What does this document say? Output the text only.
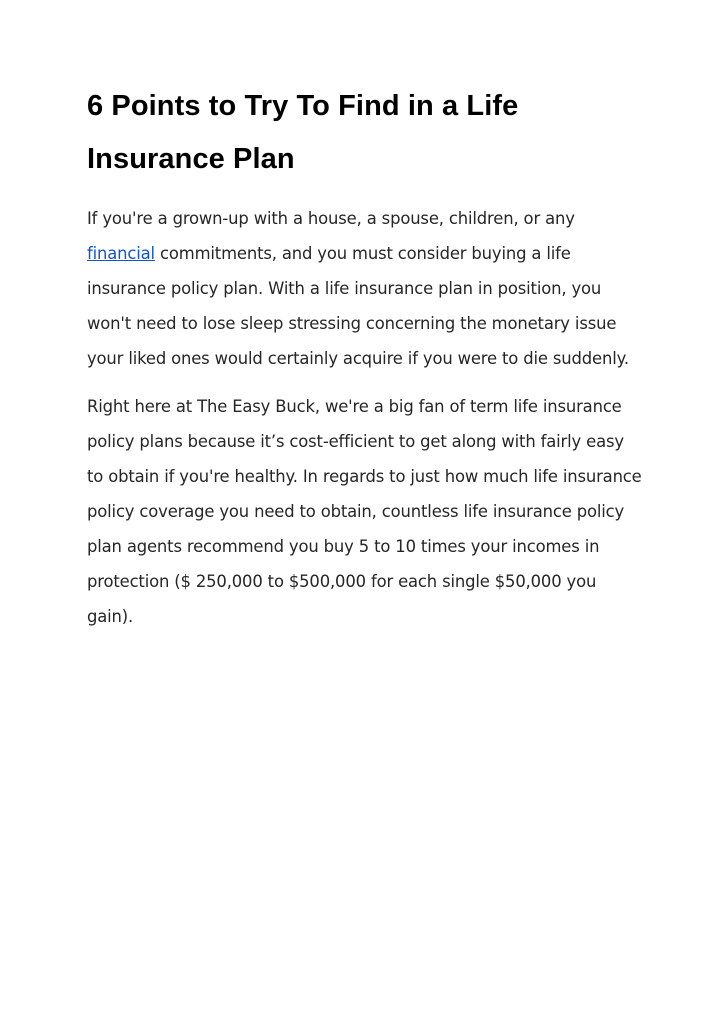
6 Points to Try To Find in a Life
Insurance Plan

If you're a grown-up with a house, a spouse, children, or any
financial commitments, and you must consider buying a life
insurance policy plan. With a life insurance plan in position, you
won't need to lose sleep stressing concerning the monetary issue
your liked ones would certainly acquire if you were to die suddenly.

Right here at The Easy Buck, we're a big fan of term life insurance
policy plans because it’s cost-efficient to get along with fairly easy
to obtain if you're healthy. In regards to just how much life insurance
policy coverage you need to obtain, countless life insurance policy
plan agents recommend you buy 5 to 10 times your incomes in
protection ($ 250,000 to $500,000 for each single $50,000 you
gain).
